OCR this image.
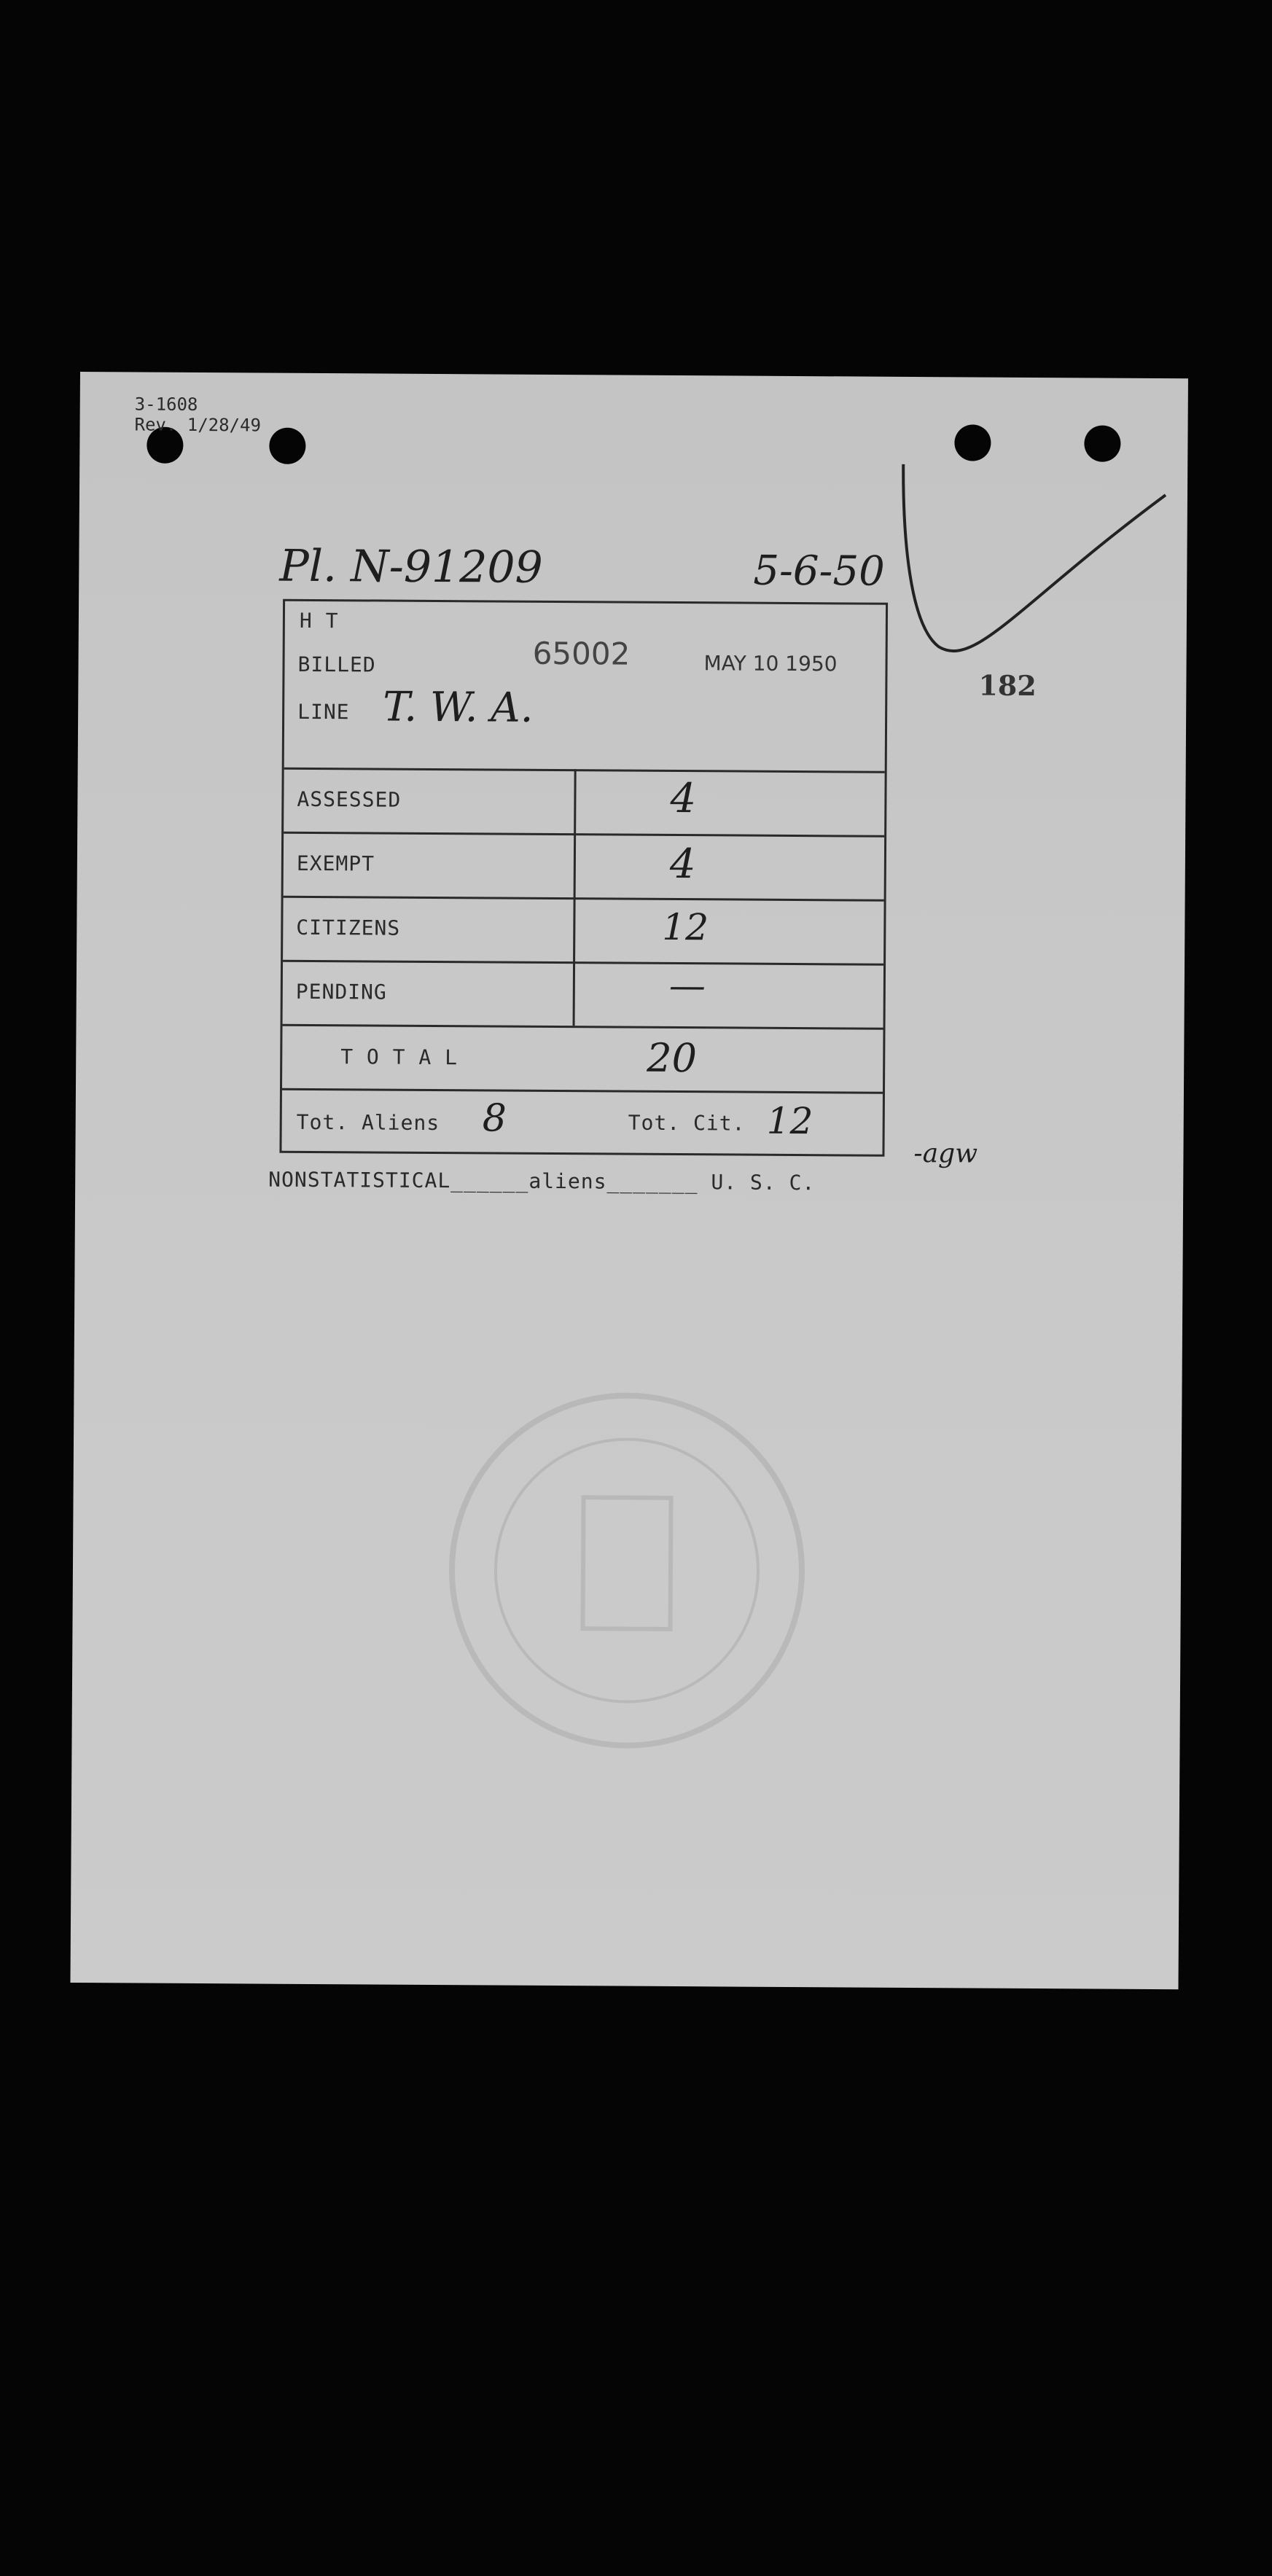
3-1608
Rev. 1/28/49
Pl. N-91209	5-6-50
182
H T
BILLED	65002	MAY 10 1950
LINE T. W. A.
ASSESSED	4
EXEMPT	4
CITIZENS	12
PENDING	—
T O T A L	20
Tot. Aliens 8	Tot. Cit. 12
-agw
NONSTATISTICAL______aliens_______ U. S. C.
